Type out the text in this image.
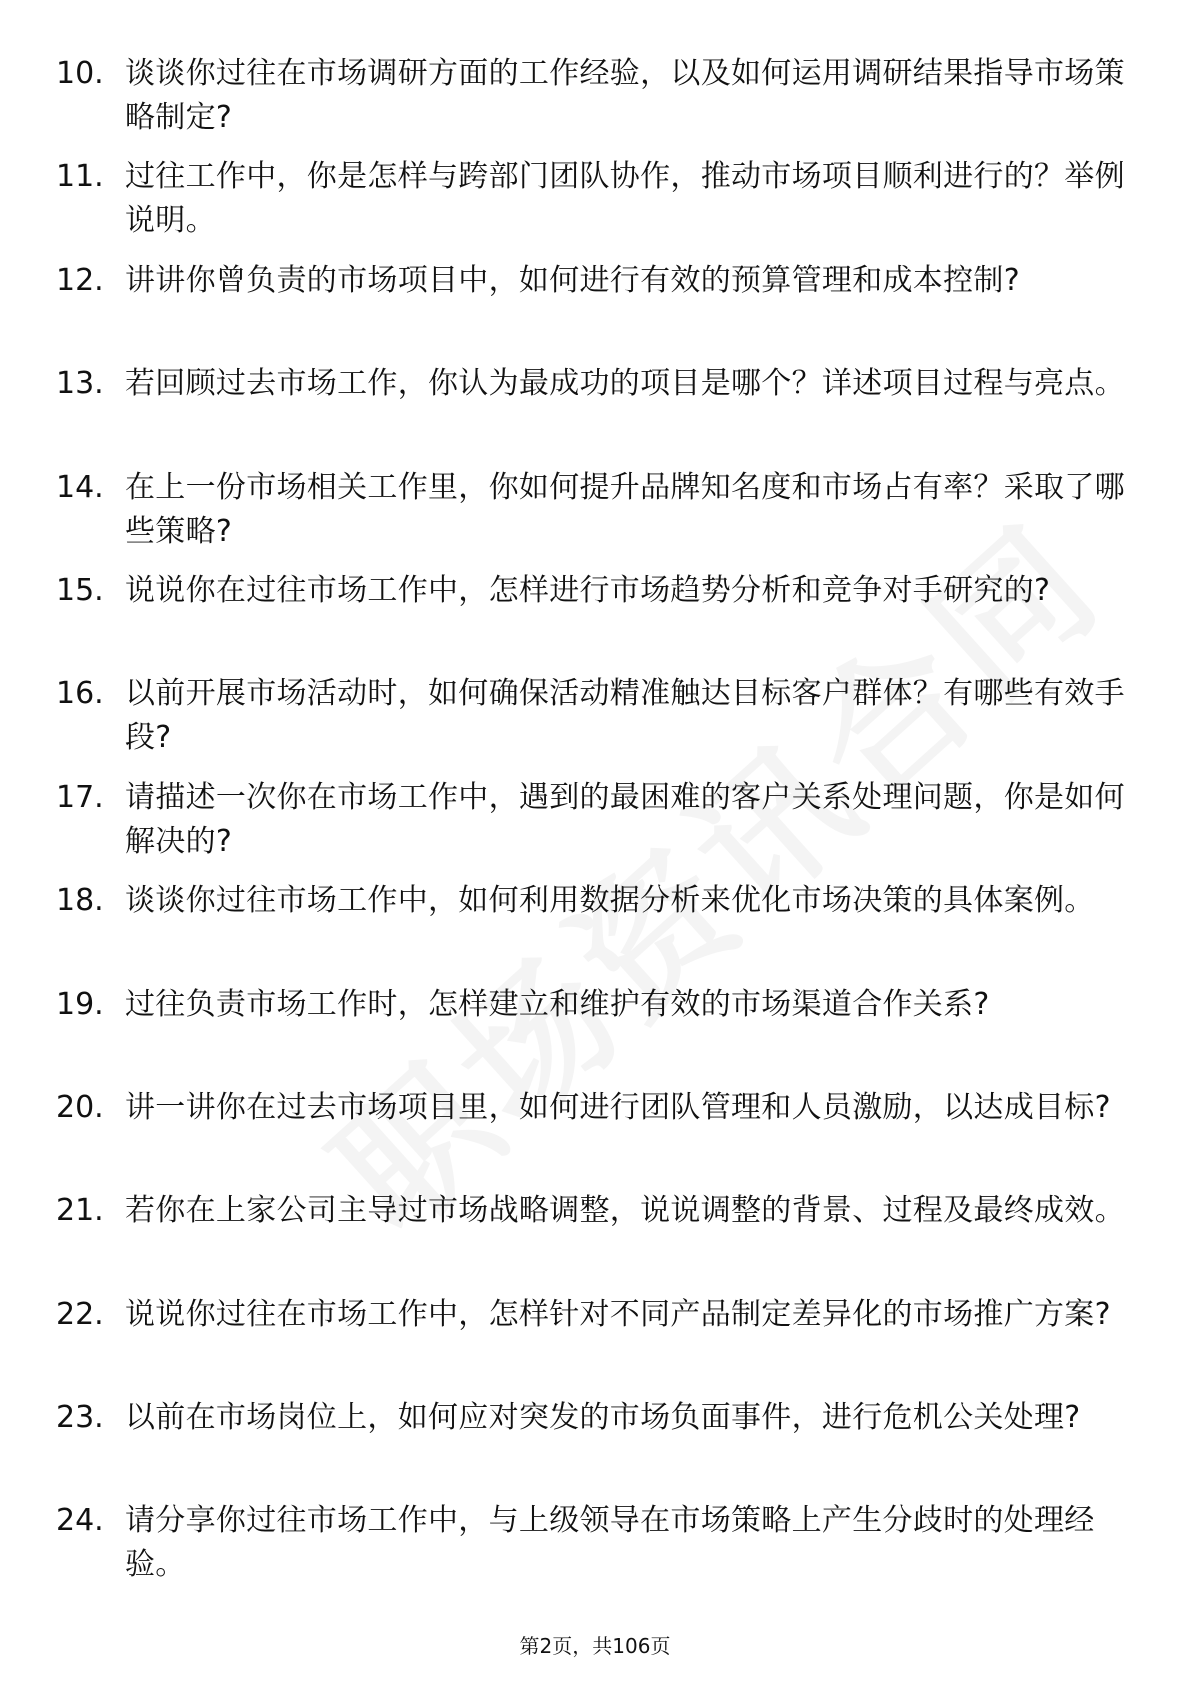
10. 谈谈你过往在市场调研方面的工作经验，以及如何运用调研结果指导市场策略制定?
11. 过往工作中，你是怎样与跨部门团队协作，推动市场项目顺利进行的？举例说明。
12. 讲讲你曾负责的市场项目中，如何进行有效的预算管理和成本控制?
13. 若回顾过去市场工作，你认为最成功的项目是哪个？详述项目过程与亮点。
14. 在上一份市场相关工作里，你如何提升品牌知名度和市场占有率？采取了哪些策略?
15. 说说你在过往市场工作中，怎样进行市场趋势分析和竞争对手研究的?
16. 以前开展市场活动时，如何确保活动精准触达目标客户群体？有哪些有效手段?
17. 请描述一次你在市场工作中，遇到的最困难的客户关系处理问题，你是如何解决的?
18. 谈谈你过往市场工作中，如何利用数据分析来优化市场决策的具体案例。
19. 过往负责市场工作时，怎样建立和维护有效的市场渠道合作关系?
20. 讲一讲你在过去市场项目里，如何进行团队管理和人员激励，以达成目标?
21. 若你在上家公司主导过市场战略调整，说说调整的背景、过程及最终成效。
22. 说说你过往在市场工作中，怎样针对不同产品制定差异化的市场推广方案?
23. 以前在市场岗位上，如何应对突发的市场负面事件，进行危机公关处理?
24. 请分享你过往市场工作中，与上级领导在市场策略上产生分歧时的处理经验。
第2页，共106页
